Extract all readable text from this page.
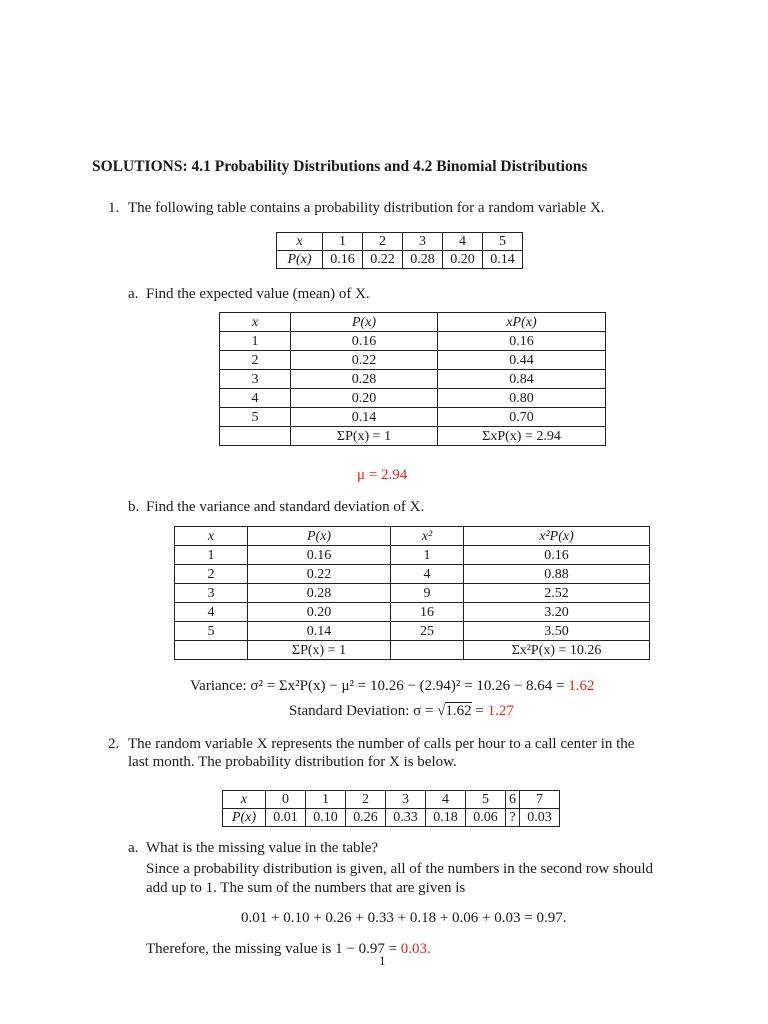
SOLUTIONS: 4.1 Probability Distributions and 4.2 Binomial Distributions
1. The following table contains a probability distribution for a random variable X.
x	1	2	3	4	5
P(x)	0.16	0.22	0.28	0.20	0.14
a. Find the expected value (mean) of X.
x	P(x)	xP(x)
1	0.16	0.16
2	0.22	0.44
3	0.28	0.84
4	0.20	0.80
5	0.14	0.70
	ΣP(x) = 1	ΣxP(x) = 2.94
μ = 2.94
b. Find the variance and standard deviation of X.
x	P(x)	x²	x²P(x)
1	0.16	1	0.16
2	0.22	4	0.88
3	0.28	9	2.52
4	0.20	16	3.20
5	0.14	25	3.50
	ΣP(x) = 1		Σx²P(x) = 10.26
Variance: σ² = Σx²P(x) − μ² = 10.26 − (2.94)² = 10.26 − 8.64 = 1.62
Standard Deviation: σ = √1.62 = 1.27
2. The random variable X represents the number of calls per hour to a call center in the
last month. The probability distribution for X is below.
x	0	1	2	3	4	5	6	7
P(x)	0.01	0.10	0.26	0.33	0.18	0.06	?	0.03
a. What is the missing value in the table?
Since a probability distribution is given, all of the numbers in the second row should
add up to 1. The sum of the numbers that are given is
0.01 + 0.10 + 0.26 + 0.33 + 0.18 + 0.06 + 0.03 = 0.97.
Therefore, the missing value is 1 − 0.97 = 0.03.
1
